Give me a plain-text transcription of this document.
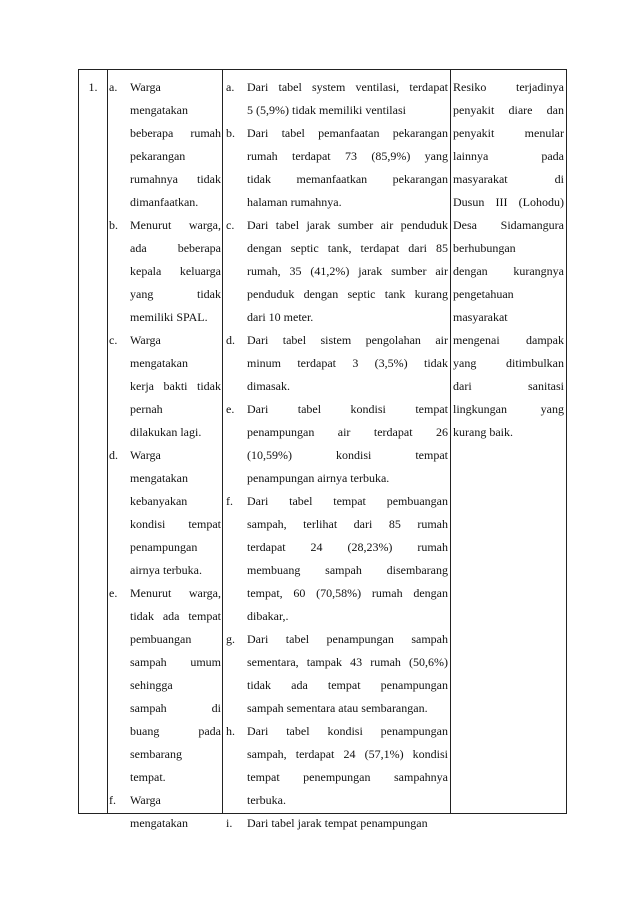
1. a. Warga
mengatakan
beberapa rumah
pekarangan
rumahnya tidak
dimanfaatkan.
b. Menurut warga,
ada beberapa
kepala keluarga
yang tidak
memiliki SPAL.
c. Warga
mengatakan
kerja bakti tidak
pernah
dilakukan lagi.
d. Warga
mengatakan
kebanyakan
kondisi tempat
penampungan
airnya terbuka.
e. Menurut warga,
tidak ada tempat
pembuangan
sampah umum
sehingga
sampah di
buang pada
sembarang
tempat.
f. Warga
mengatakan
a. Dari tabel system ventilasi, terdapat
5 (5,9%) tidak memiliki ventilasi
b. Dari tabel pemanfaatan pekarangan
rumah terdapat 73 (85,9%) yang
tidak memanfaatkan pekarangan
halaman rumahnya.
c. Dari tabel jarak sumber air penduduk
dengan septic tank, terdapat dari 85
rumah, 35 (41,2%) jarak sumber air
penduduk dengan septic tank kurang
dari 10 meter.
d. Dari tabel sistem pengolahan air
minum terdapat 3 (3,5%) tidak
dimasak.
e. Dari tabel kondisi tempat
penampungan air terdapat 26
(10,59%) kondisi tempat
penampungan airnya terbuka.
f. Dari tabel tempat pembuangan
sampah, terlihat dari 85 rumah
terdapat 24 (28,23%) rumah
membuang sampah disembarang
tempat, 60 (70,58%) rumah dengan
dibakar,.
g. Dari tabel penampungan sampah
sementara, tampak 43 rumah (50,6%)
tidak ada tempat penampungan
sampah sementara atau sembarangan.
h. Dari tabel kondisi penampungan
sampah, terdapat 24 (57,1%) kondisi
tempat penempungan sampahnya
terbuka.
i. Dari tabel jarak tempat penampungan
Resiko terjadinya
penyakit diare dan
penyakit menular
lainnya pada
masyarakat di
Dusun III (Lohodu)
Desa Sidamangura
berhubungan
dengan kurangnya
pengetahuan
masyarakat
mengenai dampak
yang ditimbulkan
dari sanitasi
lingkungan yang
kurang baik.
